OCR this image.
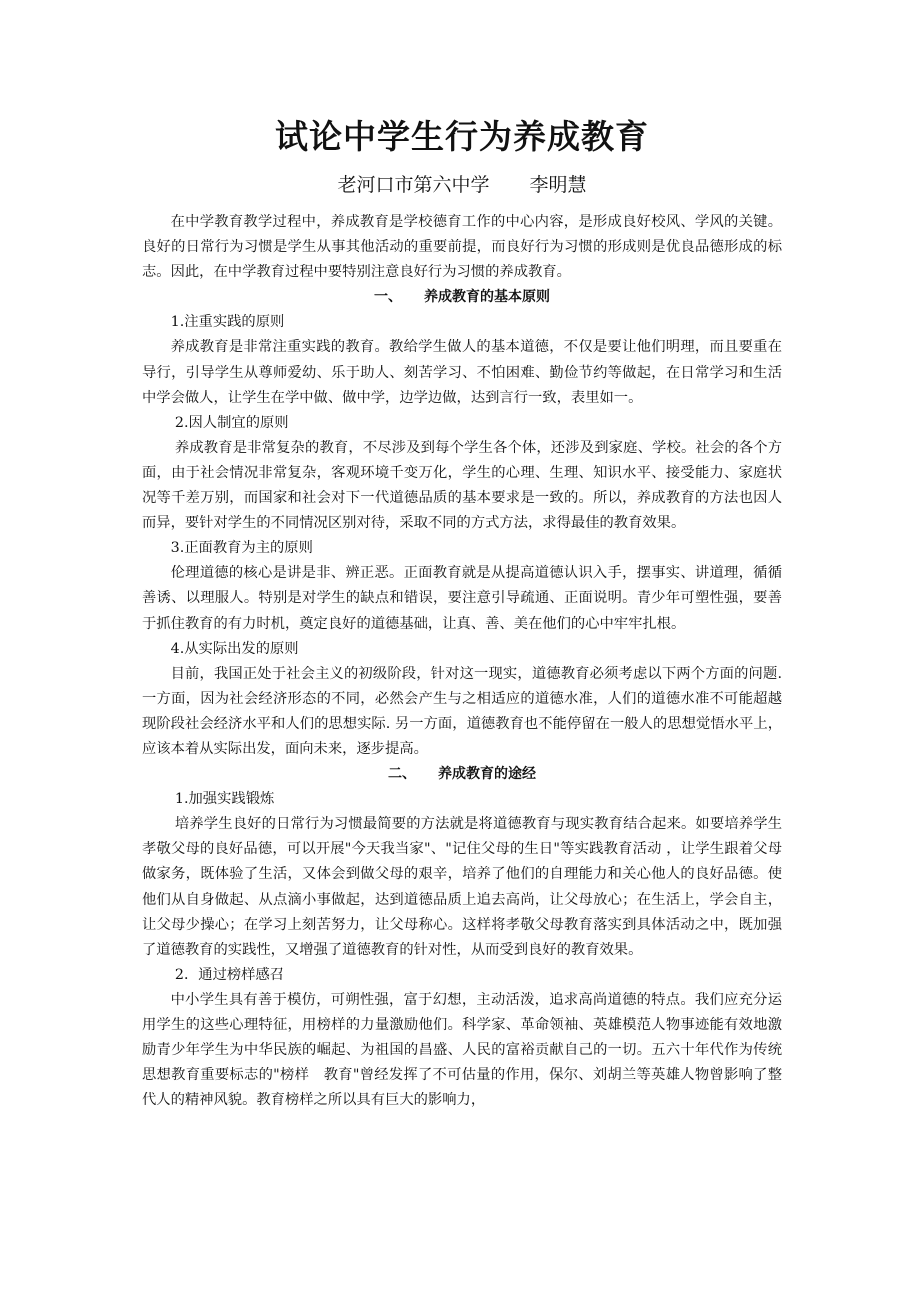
试论中学生行为养成教育
老河口市第六中学 李明慧

在中学教育教学过程中，养成教育是学校德育工作的中心内容，是形成良好校风、学风的关键。良好的日常行为习惯是学生从事其他活动的重要前提，而良好行为习惯的形成则是优良品德形成的标志。因此，在中学教育过程中要特别注意良好行为习惯的养成教育。

一、 养成教育的基本原则

1.注重实践的原则

养成教育是非常注重实践的教育。教给学生做人的基本道德，不仅是要让他们明理，而且要重在导行，引导学生从尊师爱幼、乐于助人、刻苦学习、不怕困难、勤俭节约等做起，在日常学习和生活中学会做人，让学生在学中做、做中学，边学边做，达到言行一致，表里如一。

2.因人制宜的原则

养成教育是非常复杂的教育，不尽涉及到每个学生各个体，还涉及到家庭、学校。社会的各个方面，由于社会情况非常复杂，客观环境千变万化，学生的心理、生理、知识水平、接受能力、家庭状况等千差万别，而国家和社会对下一代道德品质的基本要求是一致的。所以，养成教育的方法也因人而异，要针对学生的不同情况区别对待，采取不同的方式方法，求得最佳的教育效果。

3.正面教育为主的原则

伦理道德的核心是讲是非、辨正恶。正面教育就是从提高道德认识入手，摆事实、讲道理，循循善诱、以理服人。特别是对学生的缺点和错误，要注意引导疏通、正面说明。青少年可塑性强，要善于抓住教育的有力时机，奠定良好的道德基础，让真、善、美在他们的心中牢牢扎根。

4.从实际出发的原则

目前，我国正处于社会主义的初级阶段，针对这一现实，道德教育必须考虑以下两个方面的问题. 一方面，因为社会经济形态的不同，必然会产生与之相适应的道德水准，人们的道德水准不可能超越现阶段社会经济水平和人们的思想实际. 另一方面，道德教育也不能停留在一般人的思想觉悟水平上，应该本着从实际出发，面向未来，逐步提高。

二、 养成教育的途经

1.加强实践锻炼

培养学生良好的日常行为习惯最简要的方法就是将道德教育与现实教育结合起来。如要培养学生孝敬父母的良好品德，可以开展"今天我当家"、"记住父母的生日"等实践教育活动 ，让学生跟着父母做家务，既体验了生活，又体会到做父母的艰辛，培养了他们的自理能力和关心他人的良好品德。使他们从自身做起、从点滴小事做起，达到道德品质上追去高尚，让父母放心；在生活上，学会自主，让父母少操心；在学习上刻苦努力，让父母称心。这样将孝敬父母教育落实到具体活动之中，既加强了道德教育的实践性，又增强了道德教育的针对性，从而受到良好的教育效果。

2．通过榜样感召

中小学生具有善于模仿，可朔性强，富于幻想，主动活泼，追求高尚道德的特点。我们应充分运用学生的这些心理特征，用榜样的力量激励他们。科学家、革命领袖、英雄模范人物事迹能有效地激励青少年学生为中华民族的崛起、为祖国的昌盛、人民的富裕贡献自己的一切。五六十年代作为传统思想教育重要标志的"榜样　教育"曾经发挥了不可估量的作用，保尔、刘胡兰等英雄人物曾影响了整代人的精神风貌。教育榜样之所以具有巨大的影响力，
